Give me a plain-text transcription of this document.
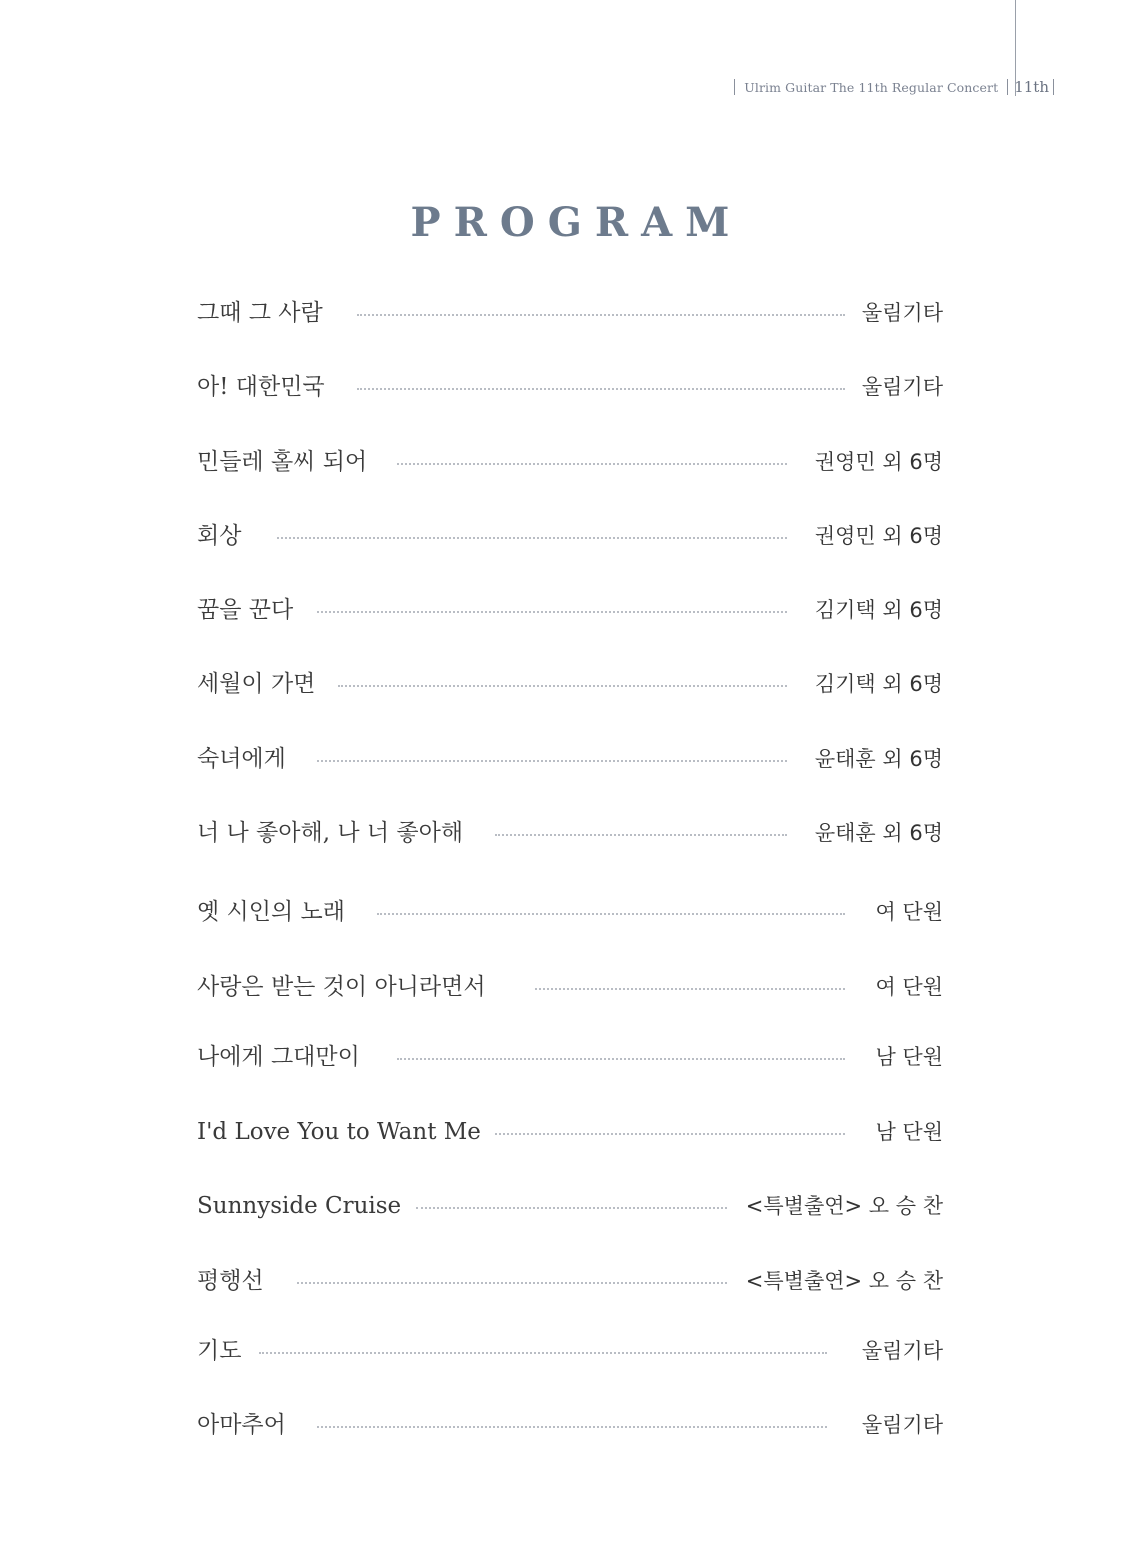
Ulrim Guitar The 11th Regular Concert 11th
PROGRAM
그때 그 사람	울림기타
아! 대한민국	울림기타
민들레 홀씨 되어	권영민 외 6명
회상	권영민 외 6명
꿈을 꾼다	김기택 외 6명
세월이 가면	김기택 외 6명
숙녀에게	윤태훈 외 6명
너 나 좋아해, 나 너 좋아해	윤태훈 외 6명
옛 시인의 노래	여 단원
사랑은 받는 것이 아니라면서	여 단원
나에게 그대만이	남 단원
I'd Love You to Want Me	남 단원
Sunnyside Cruise	<특별출연> 오 승 찬
평행선	<특별출연> 오 승 찬
기도	울림기타
아마추어	울림기타
